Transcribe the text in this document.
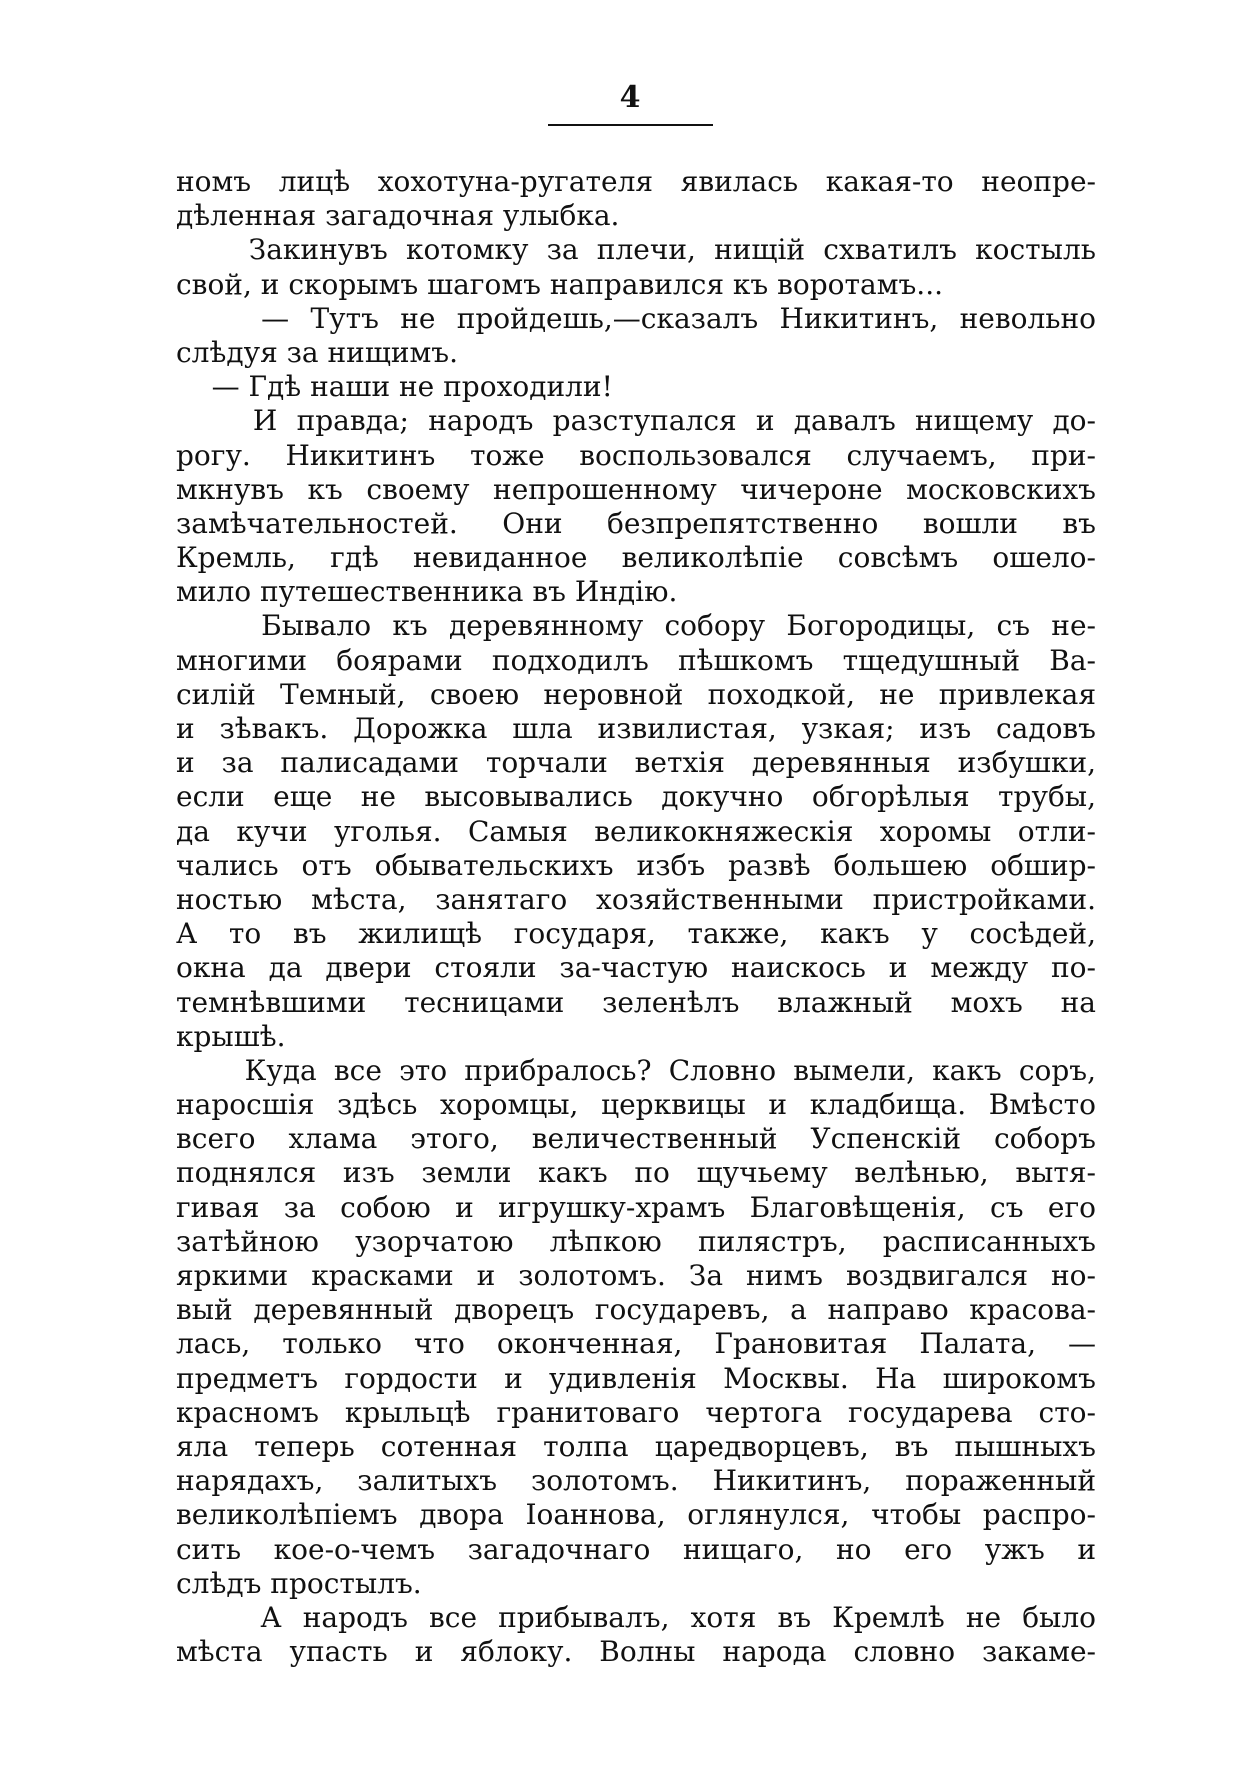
4
номъ лицѣ хохотуна-ругателя явилась какая-то неопре-
дѣленная загадочная улыбка.
Закинувъ котомку за плечи, нищій схватилъ костыль
свой, и скорымъ шагомъ направился къ воротамъ...
— Тутъ не пройдешь,—сказалъ Никитинъ, невольно
слѣдуя за нищимъ.
— Гдѣ наши не проходили!
И правда; народъ разступался и давалъ нищему до-
рогу. Никитинъ тоже воспользовался случаемъ, при-
мкнувъ къ своему непрошенному чичероне московскихъ
замѣчательностей. Они безпрепятственно вошли въ
Кремль, гдѣ невиданное великолѣпіе совсѣмъ ошело-
мило путешественника въ Индію.
Бывало къ деревянному собору Богородицы, съ не-
многими боярами подходилъ пѣшкомъ тщедушный Ва-
силій Темный, своею неровной походкой, не привлекая
и зѣвакъ. Дорожка шла извилистая, узкая; изъ садовъ
и за палисадами торчали ветхія деревянныя избушки,
если еще не высовывались докучно обгорѣлыя трубы,
да кучи уголья. Самыя великокняжескія хоромы отли-
чались отъ обывательскихъ избъ развѣ большею обшир-
ностью мѣста, занятаго хозяйственными пристройками.
А то въ жилищѣ государя, также, какъ у сосѣдей,
окна да двери стояли за-частую наискось и между по-
темнѣвшими тесницами зеленѣлъ влажный мохъ на
крышѣ.
Куда все это прибралось? Словно вымели, какъ соръ,
наросшія здѣсь хоромцы, церквицы и кладбища. Вмѣсто
всего хлама этого, величественный Успенскій соборъ
поднялся изъ земли какъ по щучьему велѣнью, вытя-
гивая за собою и игрушку-храмъ Благовѣщенія, съ его
затѣйною узорчатою лѣпкою пилястръ, расписанныхъ
яркими красками и золотомъ. За нимъ воздвигался но-
вый деревянный дворецъ государевъ, а направо красова-
лась, только что оконченная, Грановитая Палата, —
предметъ гордости и удивленія Москвы. На широкомъ
красномъ крыльцѣ гранитоваго чертога государева сто-
яла теперь сотенная толпа царедворцевъ, въ пышныхъ
нарядахъ, залитыхъ золотомъ. Никитинъ, пораженный
великолѣпіемъ двора Іоаннова, оглянулся, чтобы распро-
сить кое-о-чемъ загадочнаго нищаго, но его ужъ и
слѣдъ простылъ.
А народъ все прибывалъ, хотя въ Кремлѣ не было
мѣста упасть и яблоку. Волны народа словно закаме-
